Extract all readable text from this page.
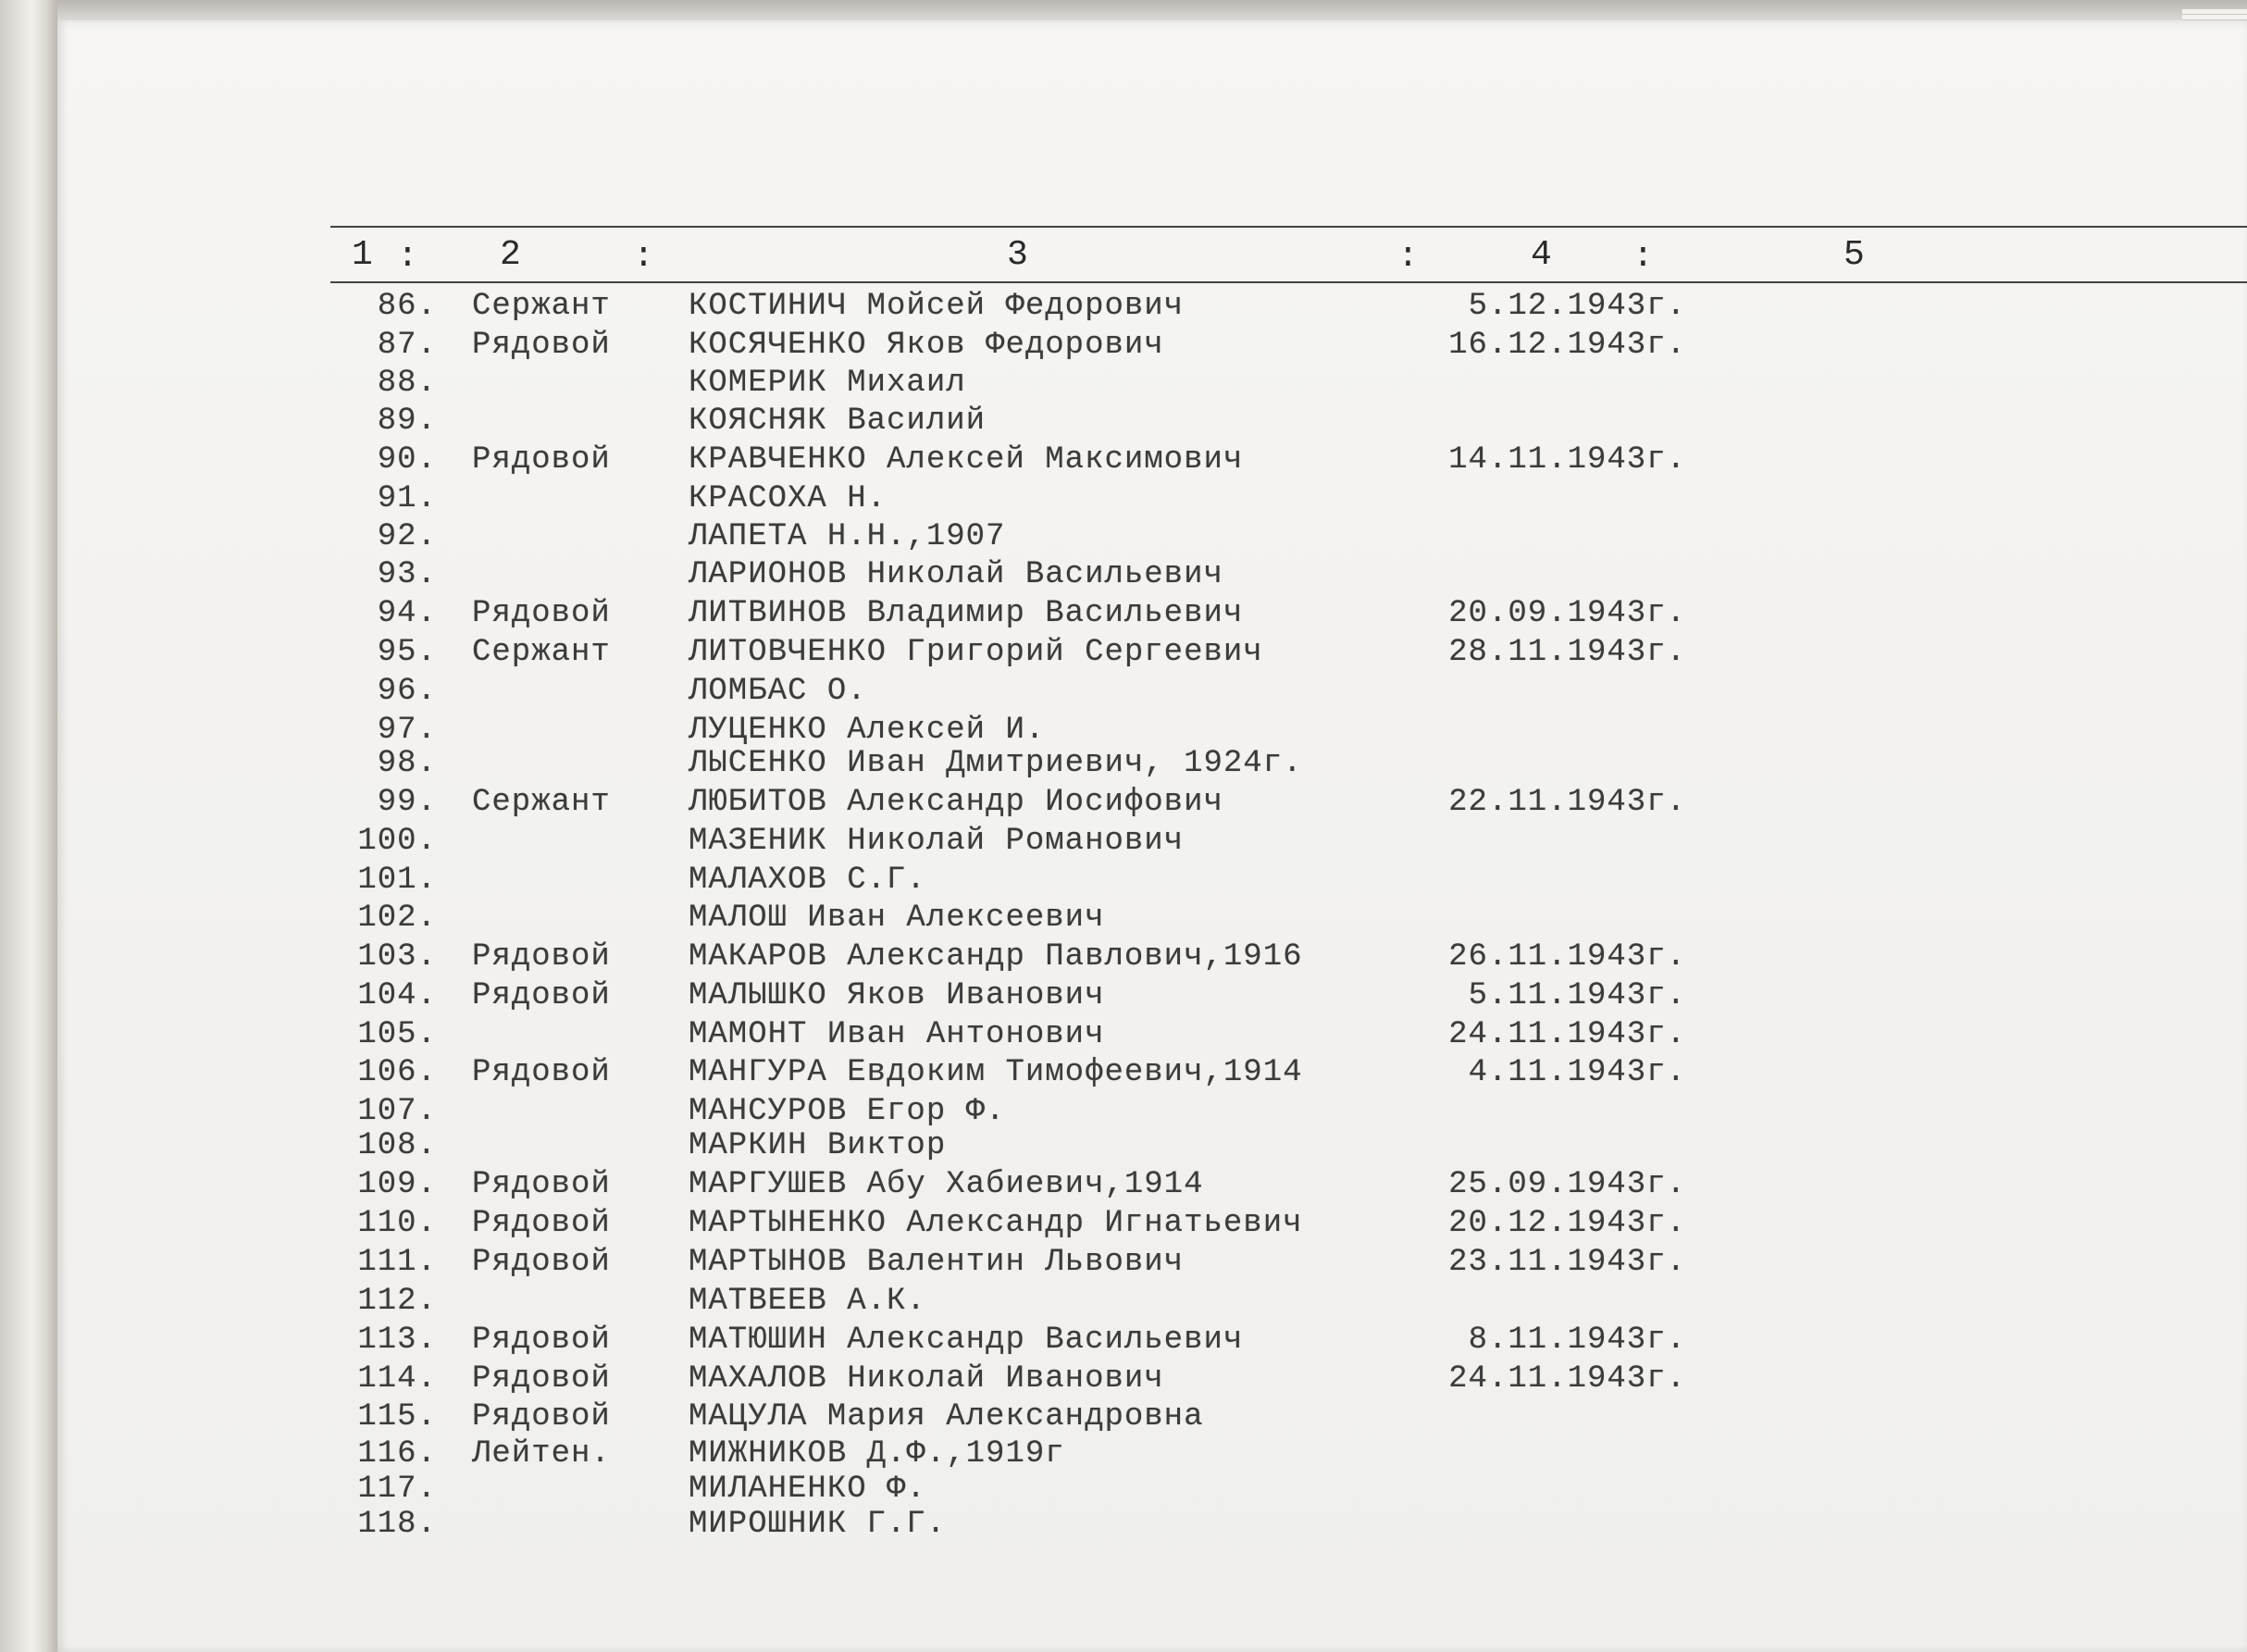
1 : 2	:	3	:	4 :	5
86. Сержант	КОСТИНИЧ Мойсей Федорович	5.12.1943г.
87. Рядовой	КОСЯЧЕНКО Яков Федорович	16.12.1943г.
88.	КОМЕРИК Михаил
89.	КОЯСНЯК Василий
90. Рядовой	КРАВЧЕНКО Алексей Максимович	14.11.1943г.
91.	КРАСОХА Н.
92.	ЛАПЕТА Н.Н.,1907
93.	ЛАРИОНОВ Николай Васильевич
94. Рядовой	ЛИТВИНОВ Владимир Васильевич	20.09.1943г.
95. Сержант	ЛИТОВЧЕНКО Григорий Сергеевич	28.11.1943г.
96.	ЛОМБАС О.
97.	ЛУЦЕНКО Алексей И.
98.	ЛЫСЕНКО Иван Дмитриевич, 1924г.
99. Сержант	ЛЮБИТОВ Александр Иосифович	22.11.1943г.
100.	МАЗЕНИК Николай Романович
101.	МАЛАХОВ С.Г.
102.	МАЛОШ Иван Алексеевич
103. Рядовой	МАКАРОВ Александр Павлович,1916	26.11.1943г.
104. Рядовой	МАЛЫШКО Яков Иванович	5.11.1943г.
105.	МАМОНТ Иван Антонович	24.11.1943г.
106. Рядовой	МАНГУРА Евдоким Тимофеевич,1914	4.11.1943г.
107.	МАНСУРОВ Егор Ф.
108.	МАРКИН Виктор
109. Рядовой	МАРГУШЕВ Абу Хабиевич,1914	25.09.1943г.
110. Рядовой	МАРТЫНЕНКО Александр Игнатьевич	20.12.1943г.
111. Рядовой	МАРТЫНОВ Валентин Львович	23.11.1943г.
112.	МАТВЕЕВ А.К.
113. Рядовой	МАТЮШИН Александр Васильевич	8.11.1943г.
114. Рядовой	МАХАЛОВ Николай Иванович	24.11.1943г.
115. Рядовой	МАЦУЛА Мария Александровна
116. Лейтен.	МИЖНИКОВ Д.Ф.,1919г
117.	МИЛАНЕНКО Ф.
118.	МИРОШНИК Г.Г.
